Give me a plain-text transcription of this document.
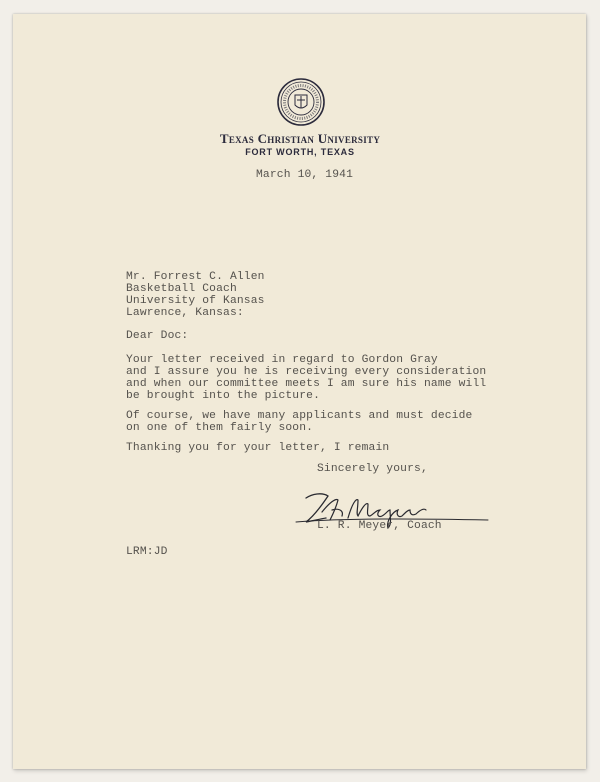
Texas Christian University
FORT WORTH, TEXAS
March 10, 1941
Mr. Forrest C. Allen
Basketball Coach
University of Kansas
Lawrence, Kansas:
Dear Doc:
Your letter received in regard to Gordon Gray
and I assure you he is receiving every consideration
and when our committee meets I am sure his name will
be brought into the picture.
Of course, we have many applicants and must decide
on one of them fairly soon.
Thanking you for your letter, I remain
Sincerely yours,
L. R. Meyer, Coach
LRM:JD
